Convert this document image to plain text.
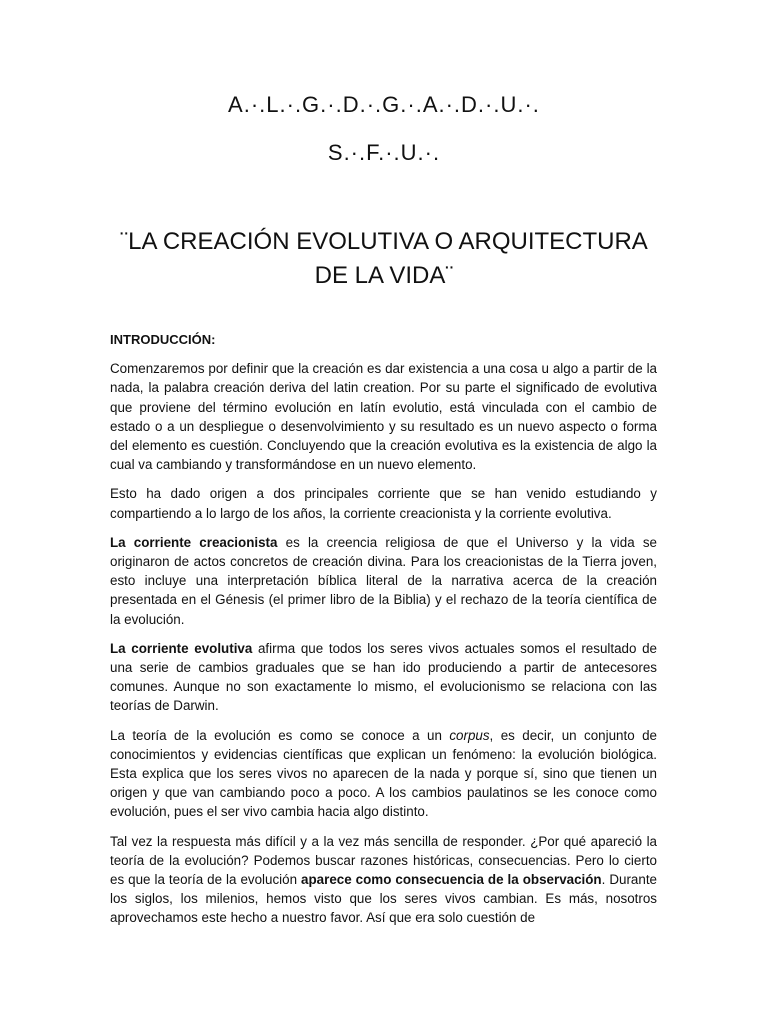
A.·.L.·.G.·.D.·.G.·.A.·.D.·.U.·.

S.·.F.·.U.·.

¨LA CREACIÓN EVOLUTIVA O ARQUITECTURA
DE LA VIDA¨

INTRODUCCIÓN:

Comenzaremos por definir que la creación es dar existencia a una cosa u algo a partir de la nada, la palabra creación deriva del latin creation. Por su parte el significado de evolutiva que proviene del término evolución en latín evolutio, está vinculada con el cambio de estado o a un despliegue o desenvolvimiento y su resultado es un nuevo aspecto o forma del elemento es cuestión. Concluyendo que la creación evolutiva es la existencia de algo la cual va cambiando y transformándose en un nuevo elemento.

Esto ha dado origen a dos principales corriente que se han venido estudiando y compartiendo a lo largo de los años, la corriente creacionista y la corriente evolutiva.

La corriente creacionista es la creencia religiosa de que el Universo y la vida se originaron de actos concretos de creación divina. Para los creacionistas de la Tierra joven, esto incluye una interpretación bíblica literal de la narrativa acerca de la creación presentada en el Génesis (el primer libro de la Biblia) y el rechazo de la teoría científica de la evolución.

La corriente evolutiva afirma que todos los seres vivos actuales somos el resultado de una serie de cambios graduales que se han ido produciendo a partir de antecesores comunes. Aunque no son exactamente lo mismo, el evolucionismo se relaciona con las teorías de Darwin.

La teoría de la evolución es como se conoce a un corpus, es decir, un conjunto de conocimientos y evidencias científicas que explican un fenómeno: la evolución biológica. Esta explica que los seres vivos no aparecen de la nada y porque sí, sino que tienen un origen y que van cambiando poco a poco. A los cambios paulatinos se les conoce como evolución, pues el ser vivo cambia hacia algo distinto.

Tal vez la respuesta más difícil y a la vez más sencilla de responder. ¿Por qué apareció la teoría de la evolución? Podemos buscar razones históricas, consecuencias. Pero lo cierto es que la teoría de la evolución aparece como consecuencia de la observación. Durante los siglos, los milenios, hemos visto que los seres vivos cambian. Es más, nosotros aprovechamos este hecho a nuestro favor. Así que era solo cuestión de
